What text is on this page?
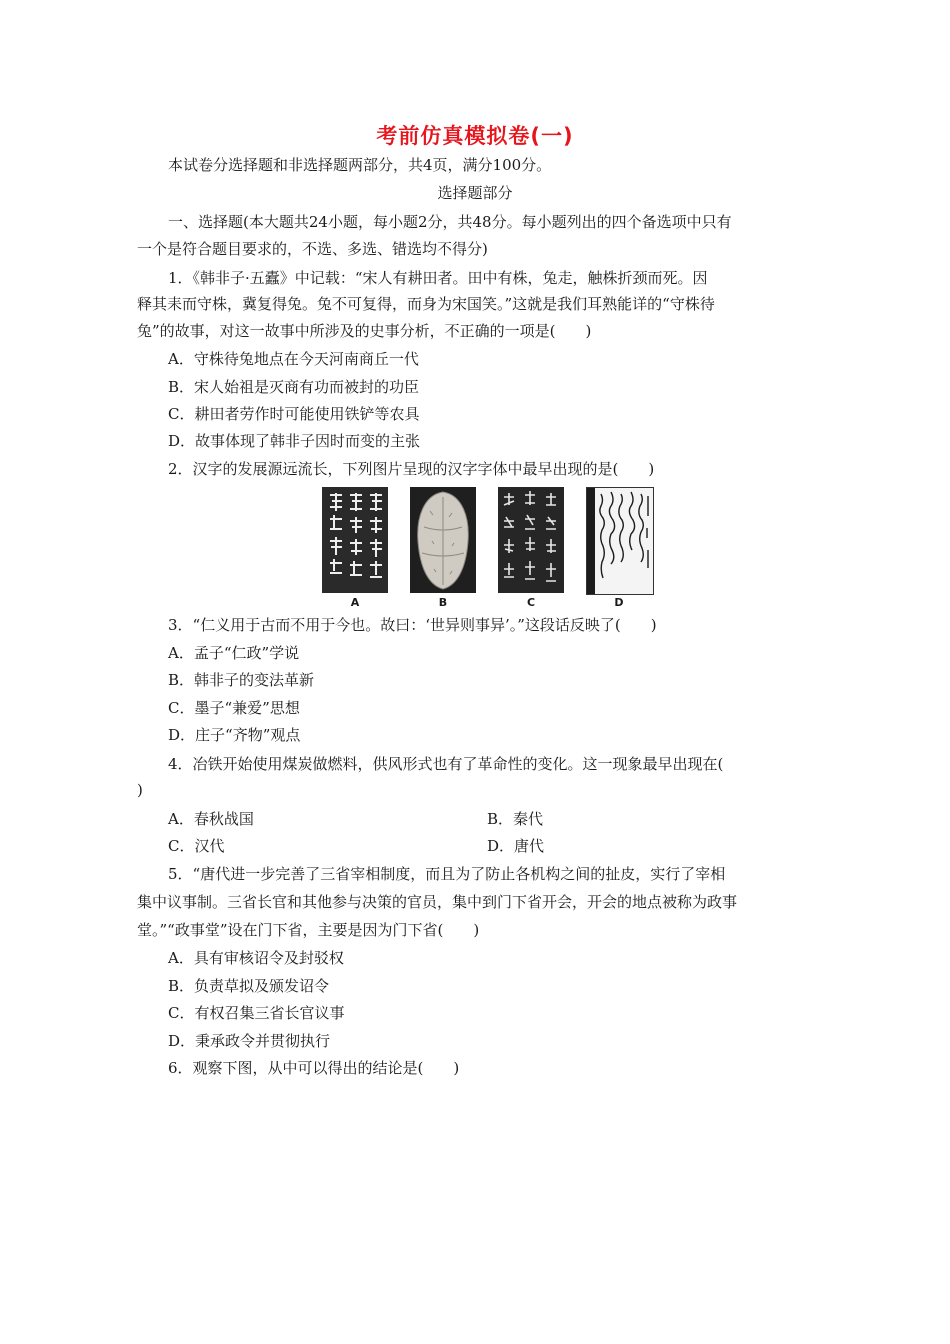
考前仿真模拟卷(一)
本试卷分选择题和非选择题两部分，共4页，满分100分。
选择题部分
一、选择题(本大题共24小题，每小题2分，共48分。每小题列出的四个备选项中只有
一个是符合题目要求的，不选、多选、错选均不得分)
1．《韩非子·五蠹》中记载：“宋人有耕田者。田中有株，兔走，触株折颈而死。因
释其耒而守株，冀复得兔。兔不可复得，而身为宋国笑。”这就是我们耳熟能详的“守株待
兔”的故事，对这一故事中所涉及的史事分析，不正确的一项是(　　)
A．守株待兔地点在今天河南商丘一代
B．宋人始祖是灭商有功而被封的功臣
C．耕田者劳作时可能使用铁铲等农具
D．故事体现了韩非子因时而变的主张
2．汉字的发展源远流长，下列图片呈现的汉字字体中最早出现的是(　　)
A	B	C	D
3．“仁义用于古而不用于今也。故曰：‘世异则事异’。”这段话反映了(　　)
A．孟子“仁政”学说
B．韩非子的变法革新
C．墨子“兼爱”思想
D．庄子“齐物”观点
4．冶铁开始使用煤炭做燃料，供风形式也有了革命性的变化。这一现象最早出现在(
)
A．春秋战国	B．秦代
C．汉代	D．唐代
5．“唐代进一步完善了三省宰相制度，而且为了防止各机构之间的扯皮，实行了宰相
集中议事制。三省长官和其他参与决策的官员，集中到门下省开会，开会的地点被称为政事
堂。”“政事堂”设在门下省，主要是因为门下省(　　)
A．具有审核诏令及封驳权
B．负责草拟及颁发诏令
C．有权召集三省长官议事
D．秉承政令并贯彻执行
6．观察下图，从中可以得出的结论是(　　)
